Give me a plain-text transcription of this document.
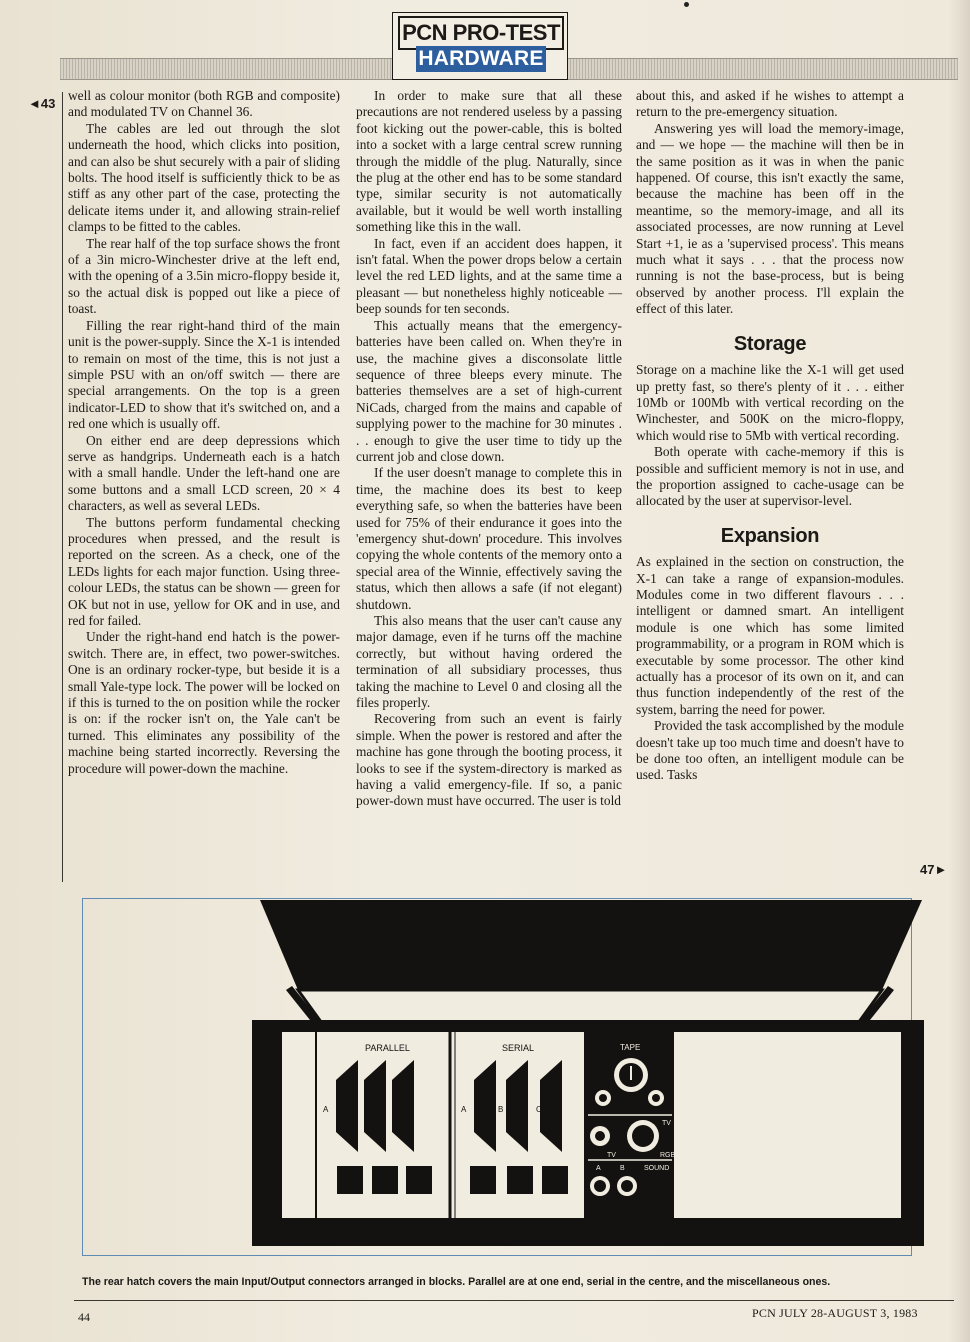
PCN PRO-TEST
HARDWARE
◄43
47►

well as colour monitor (both RGB and composite) and modulated TV on Channel 36.

The cables are led out through the slot underneath the hood, which clicks into position, and can also be shut securely with a pair of sliding bolts. The hood itself is sufficiently thick to be as stiff as any other part of the case, protecting the delicate items under it, and allowing strain-relief clamps to be fitted to the cables.

The rear half of the top surface shows the front of a 3in micro-Winchester drive at the left end, with the opening of a 3.5in micro-floppy beside it, so the actual disk is popped out like a piece of toast.

Filling the rear right-hand third of the main unit is the power-supply. Since the X-1 is intended to remain on most of the time, this is not just a simple PSU with an on/off switch — there are special arrangements. On the top is a green indicator-LED to show that it's switched on, and a red one which is usually off.

On either end are deep depressions which serve as handgrips. Underneath each is a hatch with a small handle. Under the left-hand one are some buttons and a small LCD screen, 20 × 4 characters, as well as several LEDs.

The buttons perform fundamental checking procedures when pressed, and the result is reported on the screen. As a check, one of the LEDs lights for each major function. Using three-colour LEDs, the status can be shown — green for OK but not in use, yellow for OK and in use, and red for failed.

Under the right-hand end hatch is the power-switch. There are, in effect, two power-switches. One is an ordinary rocker-type, but beside it is a small Yale-type lock. The power will be locked on if this is turned to the on position while the rocker is on: if the rocker isn't on, the Yale can't be turned. This eliminates any possibility of the machine being started incorrectly. Reversing the procedure will power-down the machine.

In order to make sure that all these precautions are not rendered useless by a passing foot kicking out the power-cable, this is bolted into a socket with a large central screw running through the middle of the plug. Naturally, since the plug at the other end has to be some standard type, similar security is not automatically available, but it would be well worth installing something like this in the wall.

In fact, even if an accident does happen, it isn't fatal. When the power drops below a certain level the red LED lights, and at the same time a pleasant — but nonetheless highly noticeable — beep sounds for ten seconds.

This actually means that the emergency-batteries have been called on. When they're in use, the machine gives a disconsolate little sequence of three bleeps every minute. The batteries themselves are a set of high-current NiCads, charged from the mains and capable of supplying power to the machine for 30 minutes . . . enough to give the user time to tidy up the current job and close down.

If the user doesn't manage to complete this in time, the machine does its best to keep everything safe, so when the batteries have been used for 75% of their endurance it goes into the 'emergency shut-down' procedure. This involves copying the whole contents of the memory onto a special area of the Winnie, effectively saving the status, which then allows a safe (if not elegant) shutdown.

This also means that the user can't cause any major damage, even if he turns off the machine correctly, but without having ordered the termination of all subsidiary processes, thus taking the machine to Level 0 and closing all the files properly.

Recovering from such an event is fairly simple. When the power is restored and after the machine has gone through the booting process, it looks to see if the system-directory is marked as having a valid emergency-file. If so, a panic power-down must have occurred. The user is told

about this, and asked if he wishes to attempt a return to the pre-emergency situation.

Answering yes will load the memory-image, and — we hope — the machine will then be in the same position as it was in when the panic happened. Of course, this isn't exactly the same, because the machine has been off in the meantime, so the memory-image, and all its associated processes, are now running at Level Start +1, ie as a 'supervised process'. This means much what it says . . . that the process now running is not the base-process, but is being observed by another process. I'll explain the effect of this later.

Storage

Storage on a machine like the X-1 will get used up pretty fast, so there's plenty of it . . . either 10Mb or 100Mb with vertical recording on the Winchester, and 500K on the micro-floppy, which would rise to 5Mb with vertical recording.

Both operate with cache-memory if this is possible and sufficient memory is not in use, and the proportion assigned to cache-usage can be allocated by the user at supervisor-level.

Expansion

As explained in the section on construction, the X-1 can take a range of expansion-modules. Modules come in two different flavours . . . intelligent or damned smart. An intelligent module is one which has some limited programmability, or a program in ROM which is executable by some processor. The other kind actually has a procesor of its own on it, and can thus function independently of the rest of the system, barring the need for power.

Provided the task accomplished by the module doesn't take up too much time and doesn't have to be done too often, an intelligent module can be used. Tasks

PARALLEL
A	B	C
SERIAL
A	B	C
TAPE
TV
TV
RGB
A	B	SOUND
The rear hatch covers the main Input/Output connectors arranged in blocks. Parallel are at one end, serial in the centre, and the miscellaneous ones.
44	PCN JULY 28-AUGUST 3, 1983
